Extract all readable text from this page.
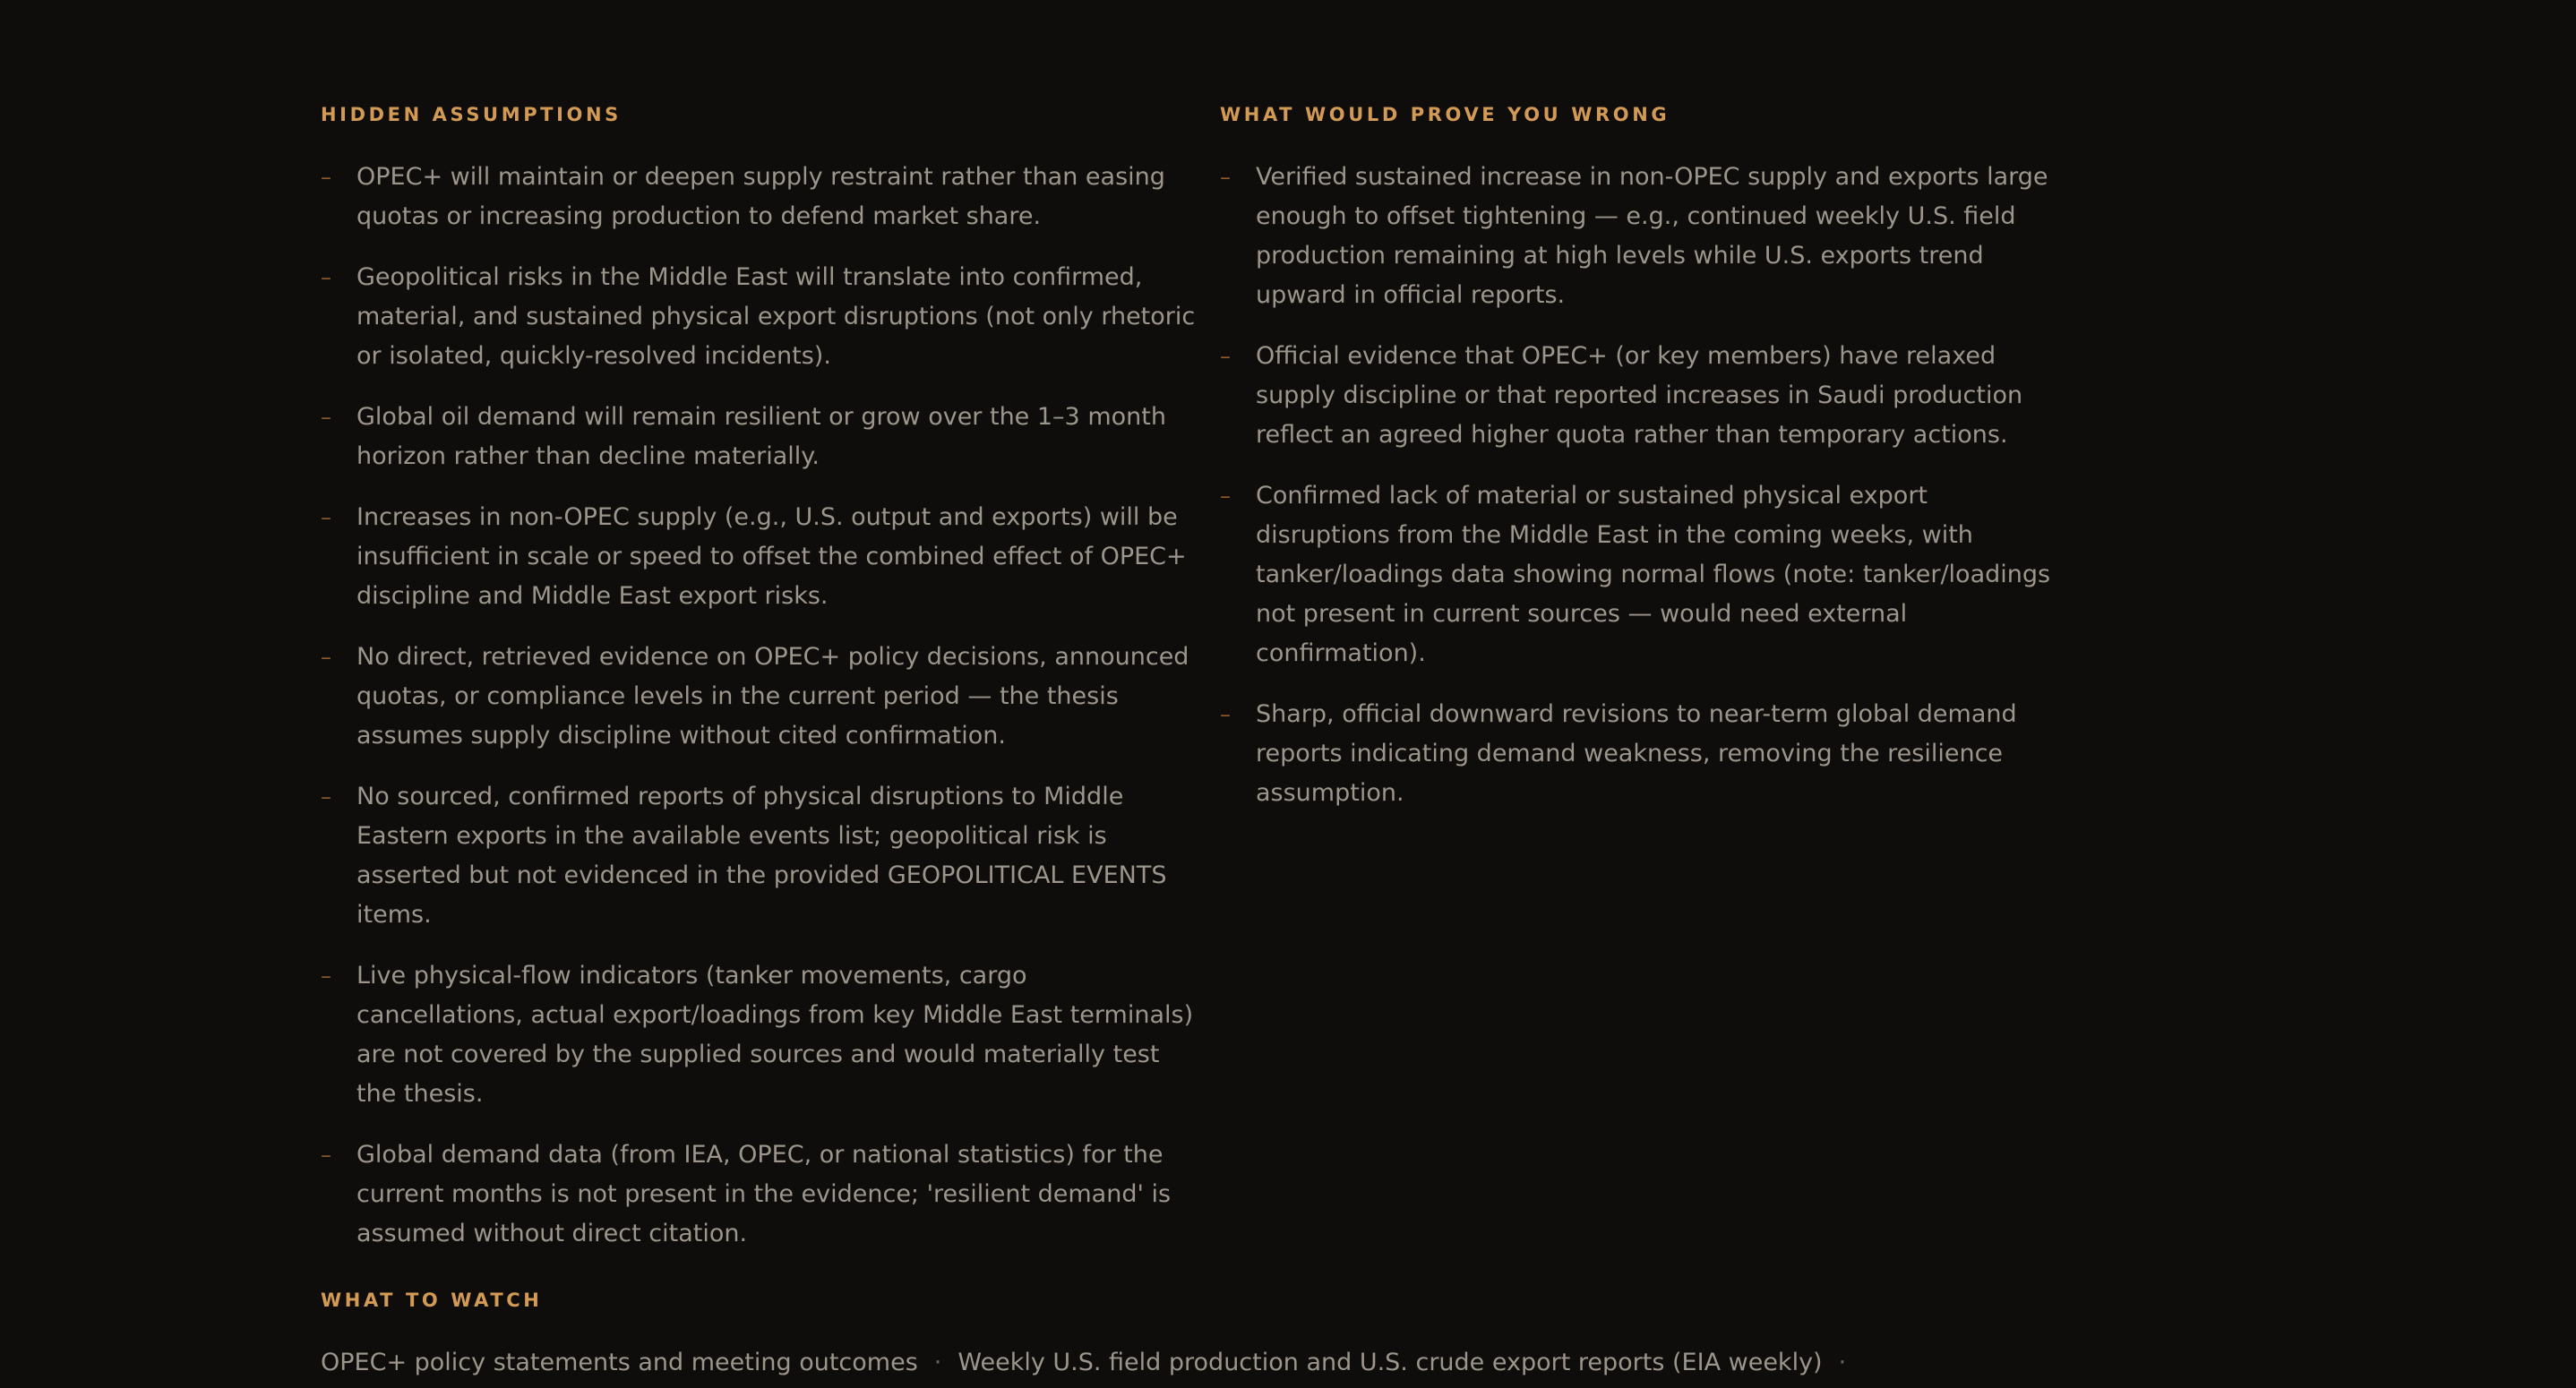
HIDDEN ASSUMPTIONS
–	OPEC+ will maintain or deepen supply restraint rather than easing quotas or increasing production to defend market share.
–	Geopolitical risks in the Middle East will translate into confirmed, material, and sustained physical export disruptions (not only rhetoric or isolated, quickly-resolved incidents).
–	Global oil demand will remain resilient or grow over the 1–3 month horizon rather than decline materially.
–	Increases in non-OPEC supply (e.g., U.S. output and exports) will be insufficient in scale or speed to offset the combined effect of OPEC+ discipline and Middle East export risks.
–	No direct, retrieved evidence on OPEC+ policy decisions, announced quotas, or compliance levels in the current period — the thesis assumes supply discipline without cited confirmation.
–	No sourced, confirmed reports of physical disruptions to Middle Eastern exports in the available events list; geopolitical risk is asserted but not evidenced in the provided GEOPOLITICAL EVENTS items.
–	Live physical-flow indicators (tanker movements, cargo cancellations, actual export/loadings from key Middle East terminals) are not covered by the supplied sources and would materially test the thesis.
–	Global demand data (from IEA, OPEC, or national statistics) for the current months is not present in the evidence; 'resilient demand' is assumed without direct citation.
WHAT WOULD PROVE YOU WRONG
–	Verified sustained increase in non-OPEC supply and exports large enough to offset tightening — e.g., continued weekly U.S. field production remaining at high levels while U.S. exports trend upward in official reports.
–	Official evidence that OPEC+ (or key members) have relaxed supply discipline or that reported increases in Saudi production reflect an agreed higher quota rather than temporary actions.
–	Confirmed lack of material or sustained physical export disruptions from the Middle East in the coming weeks, with tanker/loadings data showing normal flows (note: tanker/loadings not present in current sources — would need external confirmation).
–	Sharp, official downward revisions to near-term global demand reports indicating demand weakness, removing the resilience assumption.
WHAT TO WATCH
OPEC+ policy statements and meeting outcomes · Weekly U.S. field production and U.S. crude export reports (EIA weekly) ·
